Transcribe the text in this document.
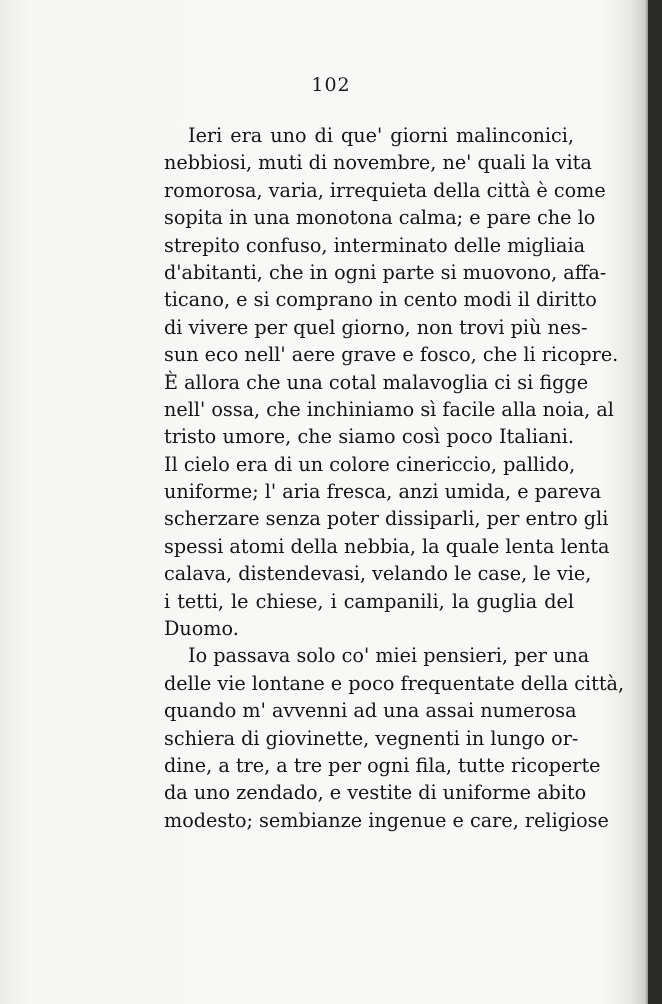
102
Ieri era uno di que' giorni malinconici,
nebbiosi, muti di novembre, ne' quali la vita
romorosa, varia, irrequieta della città è come
sopita in una monotona calma; e pare che lo
strepito confuso, interminato delle migliaia
d'abitanti, che in ogni parte si muovono, affa-
ticano, e si comprano in cento modi il diritto
di vivere per quel giorno, non trovi più nes-
sun eco nell' aere grave e fosco, che li ricopre.
È allora che una cotal malavoglia ci si figge
nell' ossa, che inchiniamo sì facile alla noia, al
tristo umore, che siamo così poco Italiani.
Il cielo era di un colore cinericcio, pallido,
uniforme; l' aria fresca, anzi umida, e pareva
scherzare senza poter dissiparli, per entro gli
spessi atomi della nebbia, la quale lenta lenta
calava, distendevasi, velando le case, le vie,
i tetti, le chiese, i campanili, la guglia del
Duomo.
Io passava solo co' miei pensieri, per una
delle vie lontane e poco frequentate della città,
quando m' avvenni ad una assai numerosa
schiera di giovinette, vegnenti in lungo or-
dine, a tre, a tre per ogni fila, tutte ricoperte
da uno zendado, e vestite di uniforme abito
modesto; sembianze ingenue e care, religiose
